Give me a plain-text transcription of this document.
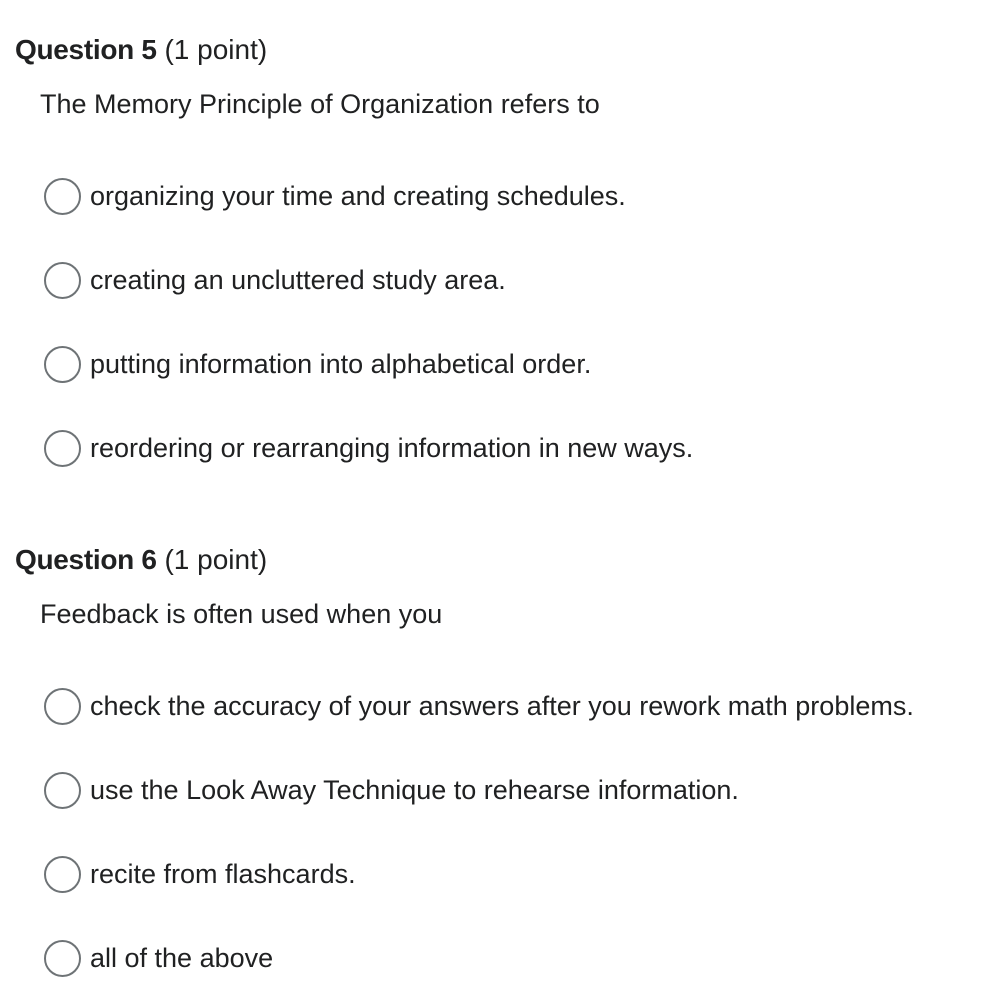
Question 5 (1 point)
The Memory Principle of Organization refers to
organizing your time and creating schedules.
creating an uncluttered study area.
putting information into alphabetical order.
reordering or rearranging information in new ways.
Question 6 (1 point)
Feedback is often used when you
check the accuracy of your answers after you rework math problems.
use the Look Away Technique to rehearse information.
recite from flashcards.
all of the above
